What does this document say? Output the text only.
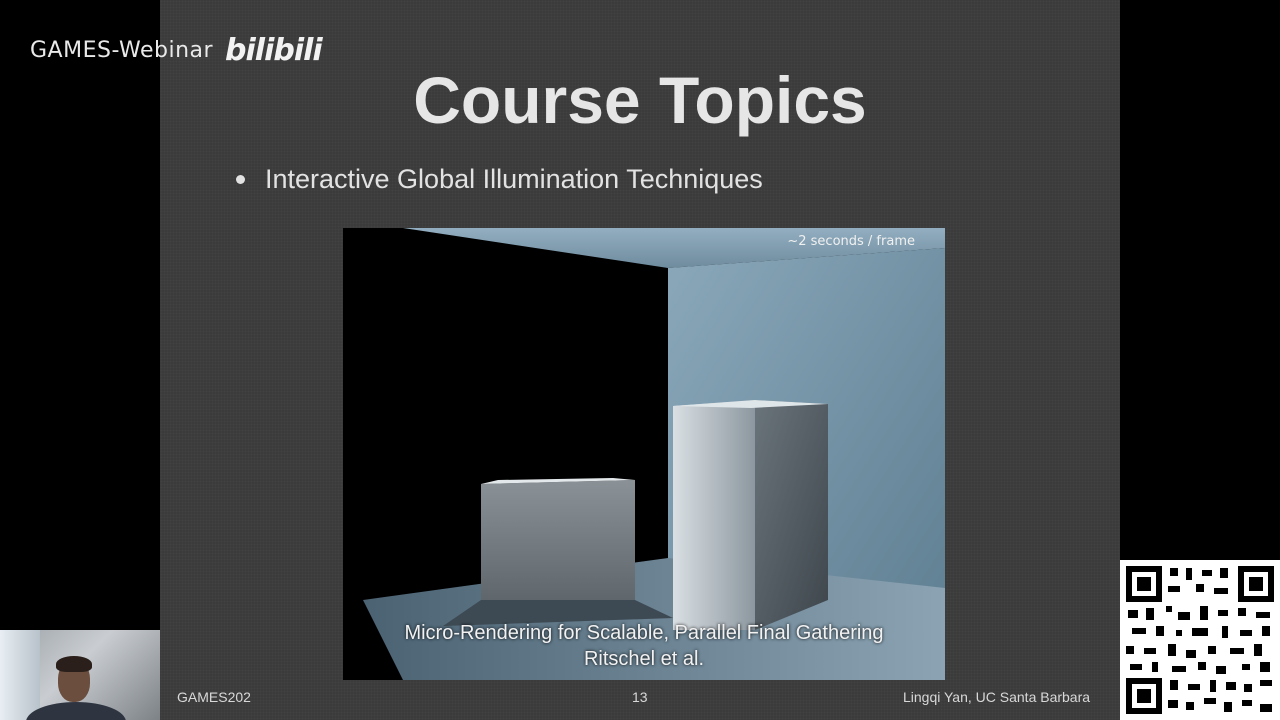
GAMES-Webinar bilibili
Course Topics
Interactive Global Illumination Techniques
~2 seconds / frame
Micro-Rendering for Scalable, Parallel Final Gathering
Ritschel et al.
GAMES202	13	Lingqi Yan, UC Santa Barbara
